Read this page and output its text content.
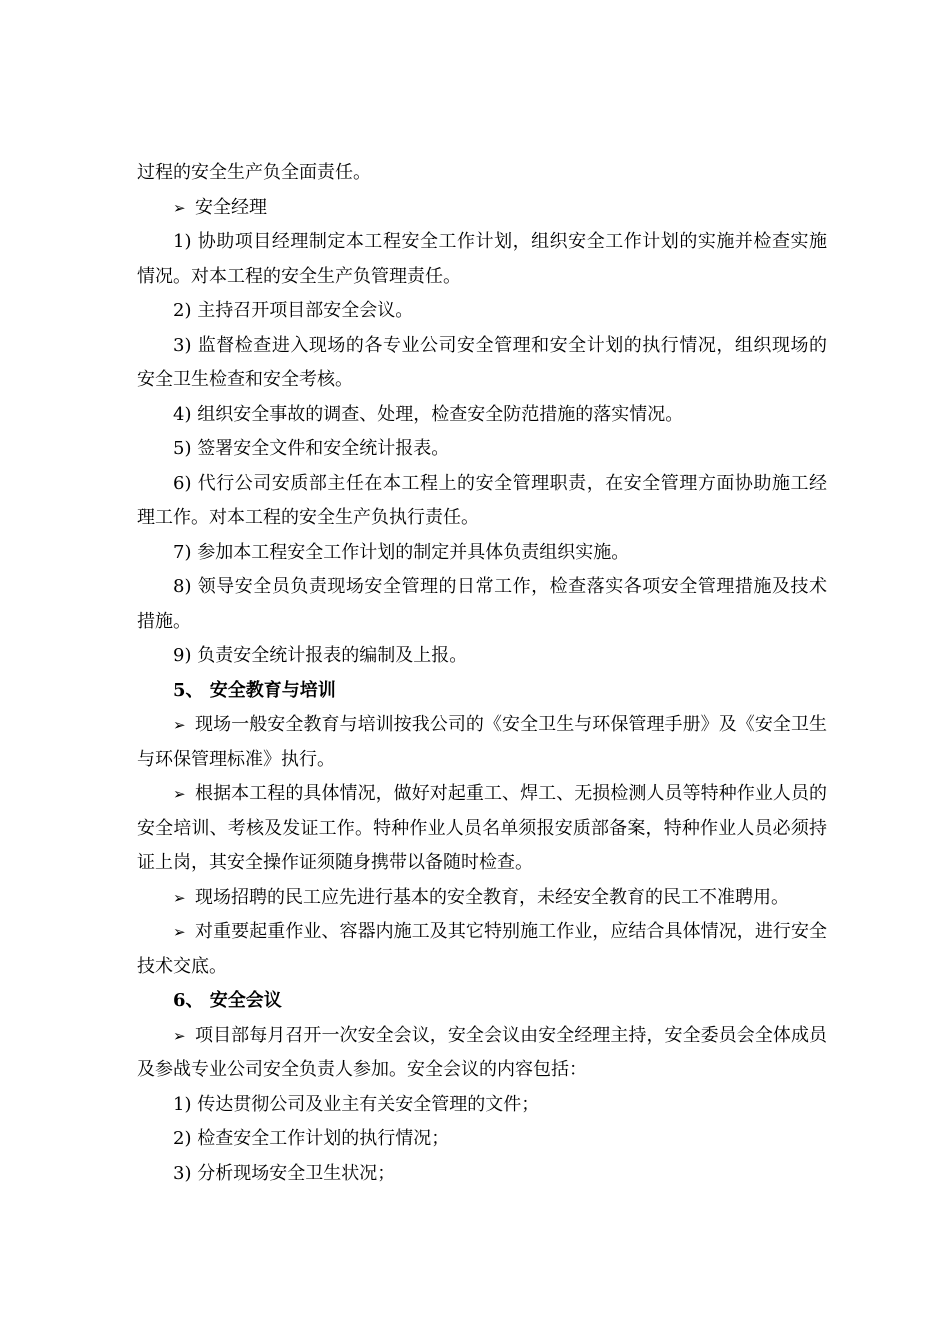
过程的安全生产负全面责任。

➢ 安全经理

1) 协助项目经理制定本工程安全工作计划，组织安全工作计划的实施并检查实施情况。对本工程的安全生产负管理责任。

2) 主持召开项目部安全会议。

3) 监督检查进入现场的各专业公司安全管理和安全计划的执行情况，组织现场的安全卫生检查和安全考核。

4) 组织安全事故的调查、处理，检查安全防范措施的落实情况。

5) 签署安全文件和安全统计报表。

6) 代行公司安质部主任在本工程上的安全管理职责，在安全管理方面协助施工经理工作。对本工程的安全生产负执行责任。

7) 参加本工程安全工作计划的制定并具体负责组织实施。

8) 领导安全员负责现场安全管理的日常工作，检查落实各项安全管理措施及技术措施。

9) 负责安全统计报表的编制及上报。

5、 安全教育与培训

➢ 现场一般安全教育与培训按我公司的《安全卫生与环保管理手册》及《安全卫生与环保管理标准》执行。

➢ 根据本工程的具体情况，做好对起重工、焊工、无损检测人员等特种作业人员的安全培训、考核及发证工作。特种作业人员名单须报安质部备案，特种作业人员必须持证上岗，其安全操作证须随身携带以备随时检查。

➢ 现场招聘的民工应先进行基本的安全教育，未经安全教育的民工不准聘用。

➢ 对重要起重作业、容器内施工及其它特别施工作业，应结合具体情况，进行安全技术交底。

6、 安全会议

➢ 项目部每月召开一次安全会议，安全会议由安全经理主持，安全委员会全体成员及参战专业公司安全负责人参加。安全会议的内容包括：

1) 传达贯彻公司及业主有关安全管理的文件；

2) 检查安全工作计划的执行情况；

3) 分析现场安全卫生状况；
